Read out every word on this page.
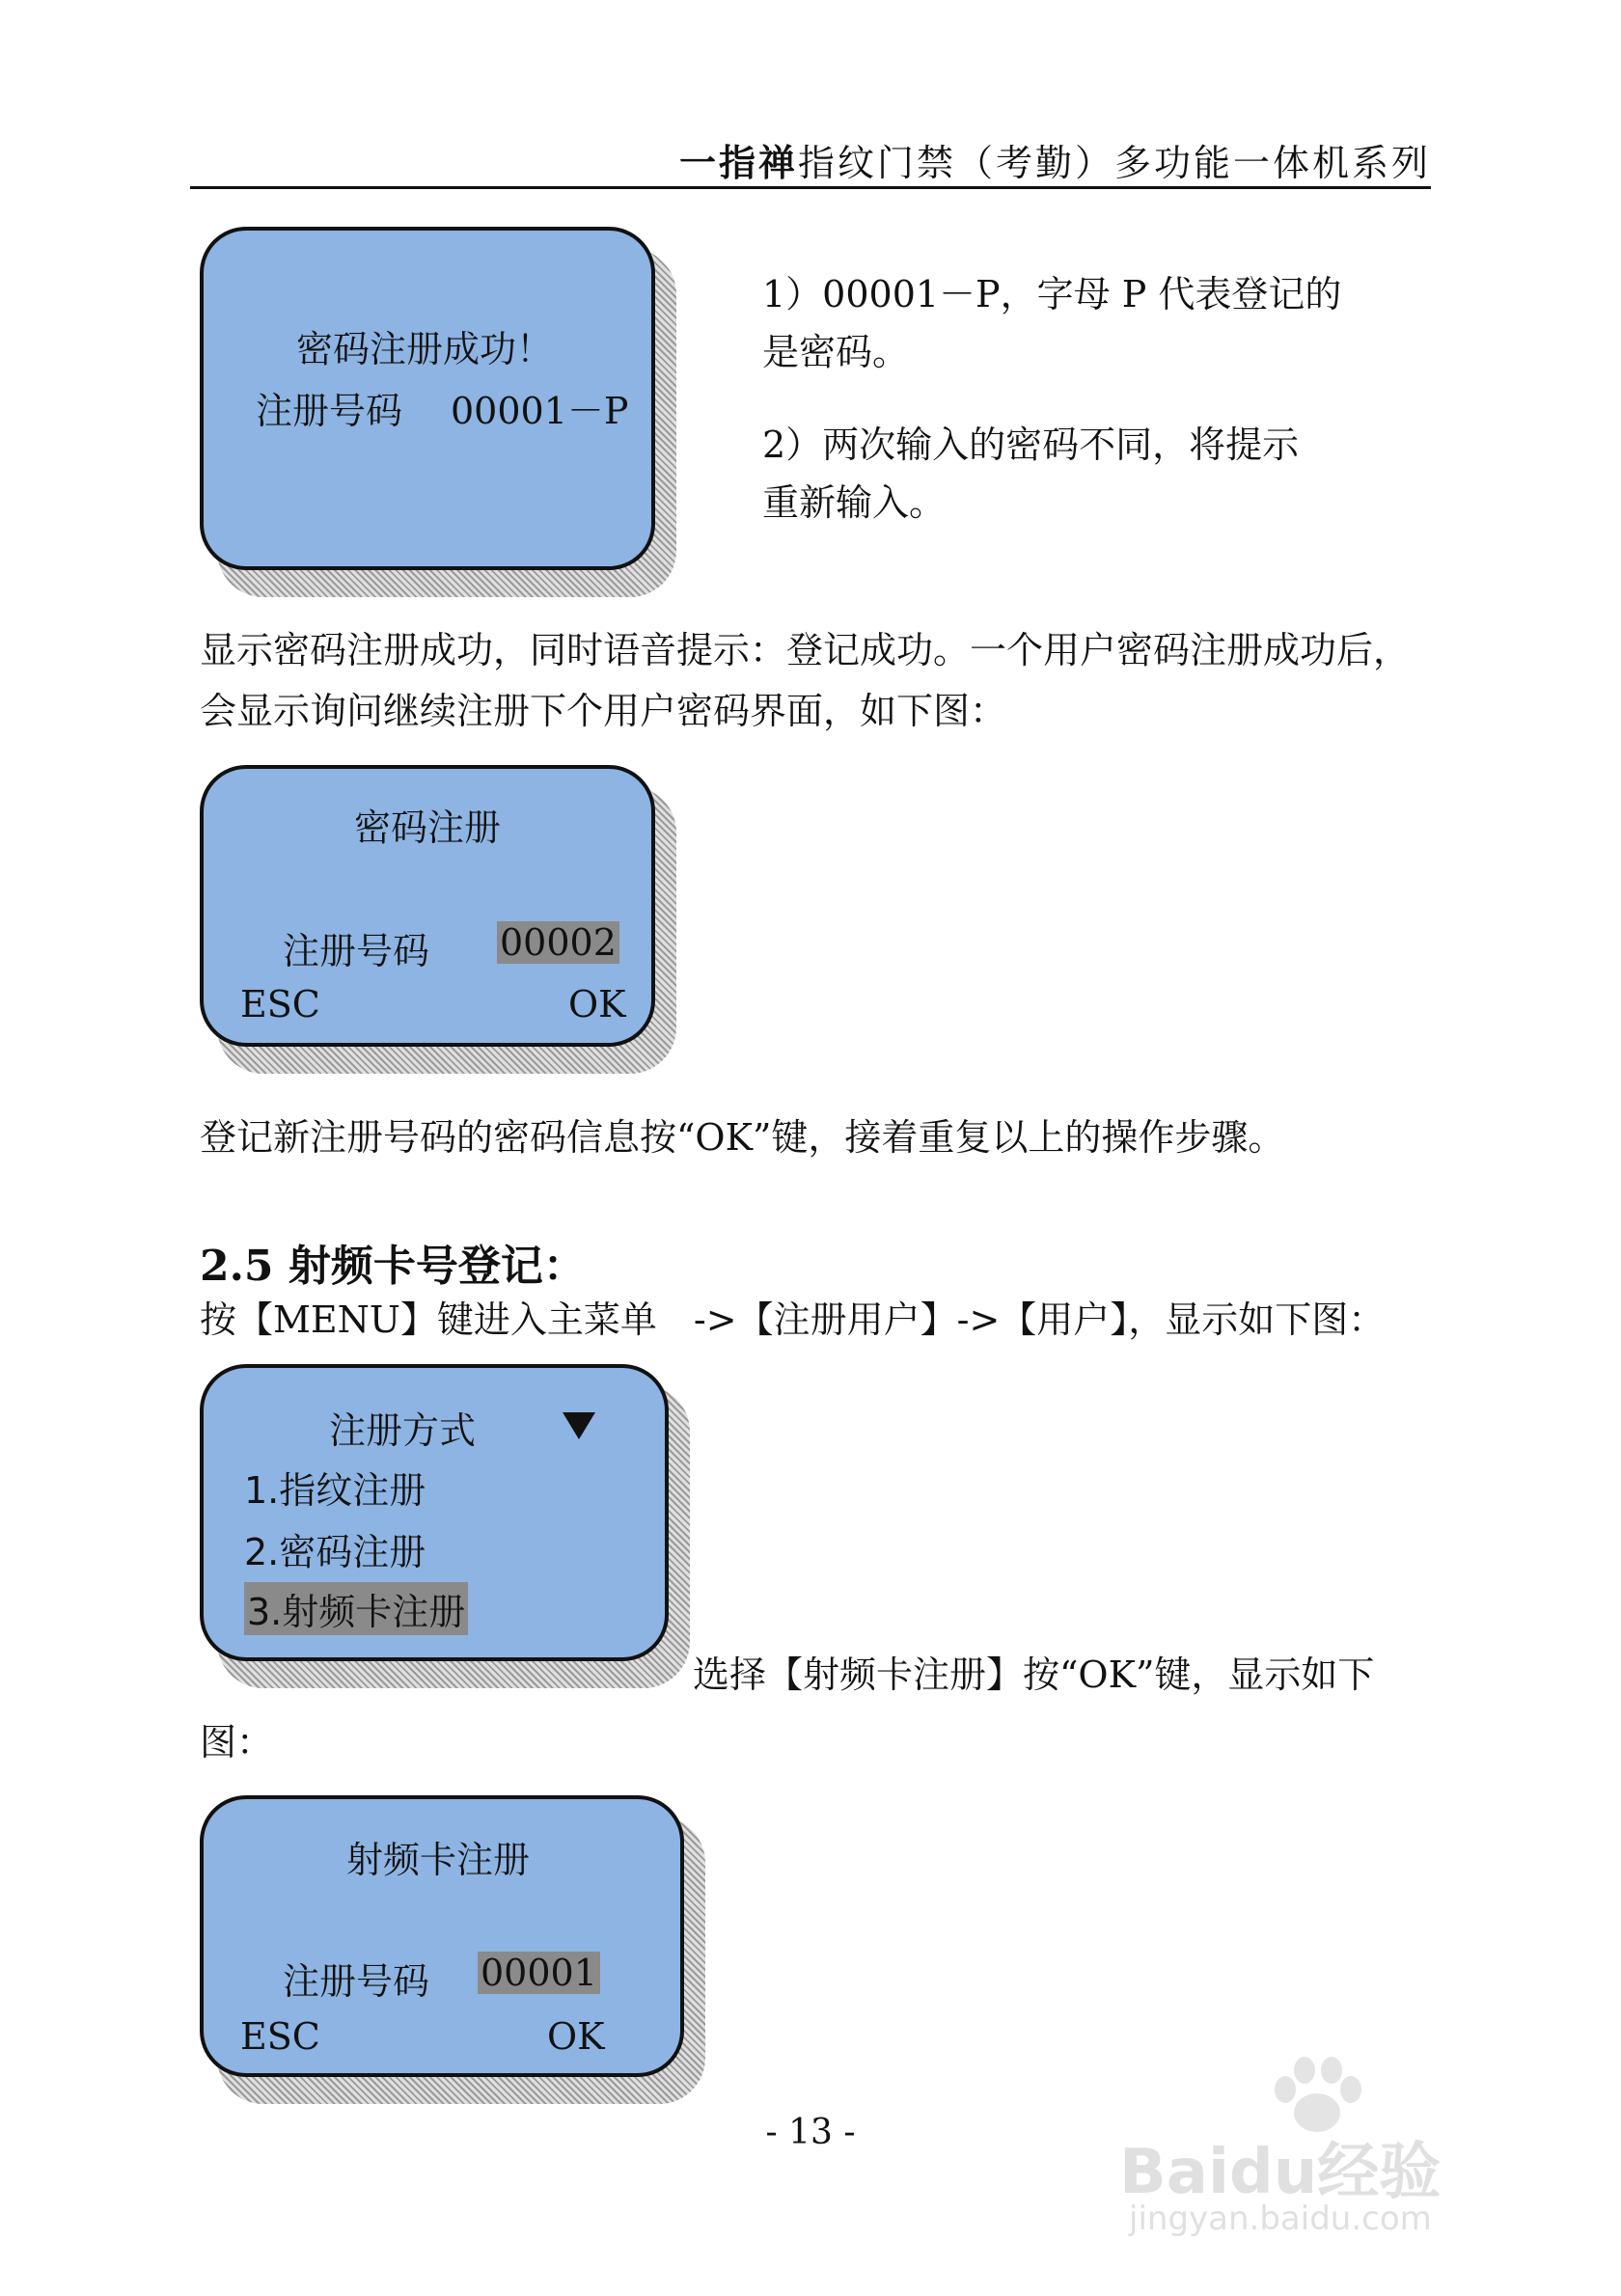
一指禅指纹门禁（考勤）多功能一体机系列
密码注册成功！
注册号码 00001－P
1）00001－P，字母 P 代表登记的
是密码。
2）两次输入的密码不同，将提示
重新输入。
显示密码注册成功，同时语音提示：登记成功。一个用户密码注册成功后，
会显示询问继续注册下个用户密码界面，如下图：
密码注册
注册号码 00002
ESC	OK
登记新注册号码的密码信息按“OK”键，接着重复以上的操作步骤。
2.5 射频卡号登记：
按【MENU】键进入主菜单　->【注册用户】->【用户】，显示如下图：
注册方式
1.指纹注册
2.密码注册
3.射频卡注册
选择【射频卡注册】按“OK”键，显示如下
图：
射频卡注册
注册号码 00001
ESC	OK
- 13 -
Baidu经验
jingyan.baidu.com
